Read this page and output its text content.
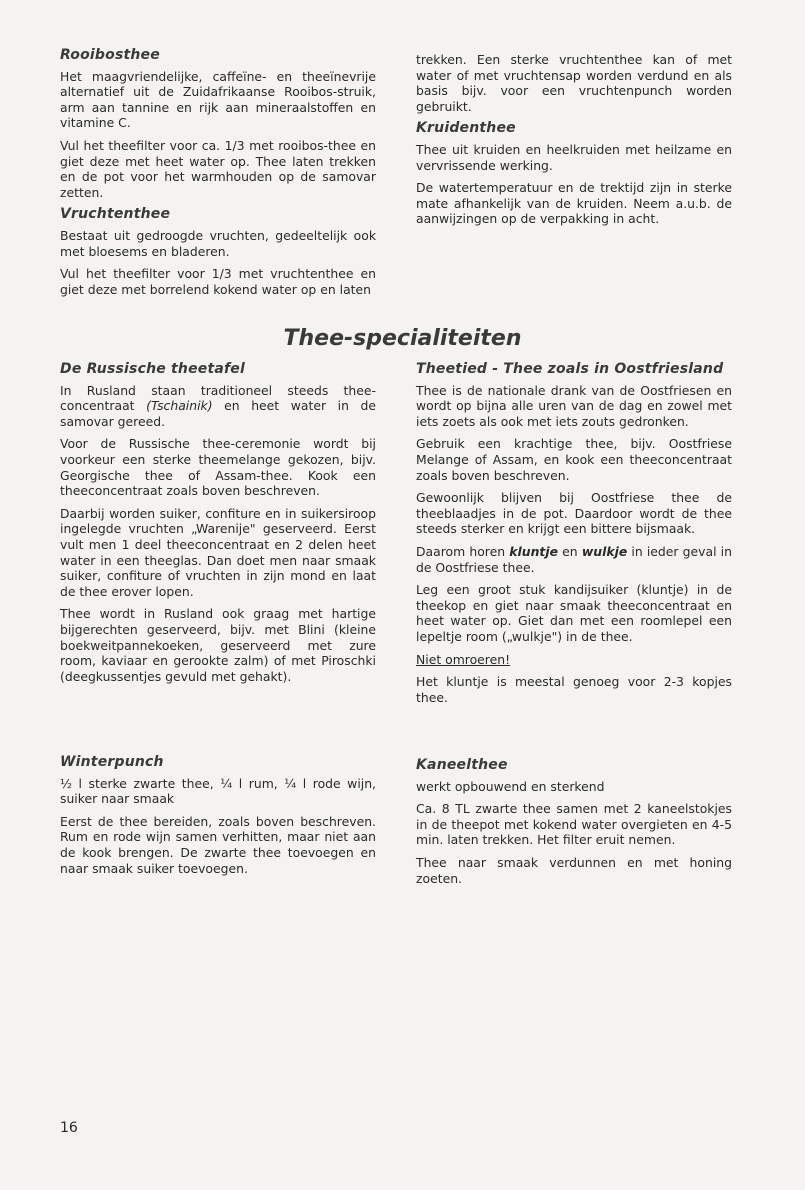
Rooibosthee

Het maagvriendelijke, caffeïne- en theeïnevrije alternatief uit de Zuidafrikaanse Rooibos-struik, arm aan tannine en rijk aan mineraalstoffen en vitamine C.

Vul het theefilter voor ca. 1/3 met rooibos-thee en giet deze met heet water op. Thee laten trekken en de pot voor het warmhouden op de samovar zetten.

Vruchtenthee

Bestaat uit gedroogde vruchten, gedeeltelijk ook met bloesems en bladeren.

Vul het theefilter voor 1/3 met vruchtenthee en giet deze met borrelend kokend water op en laten

trekken. Een sterke vruchtenthee kan of met water of met vruchtensap worden verdund en als basis bijv. voor een vruchtenpunch worden gebruikt.

Kruidenthee

Thee uit kruiden en heelkruiden met heilzame en vervrissende werking.

De watertemperatuur en de trektijd zijn in sterke mate afhankelijk van de kruiden. Neem a.u.b. de aanwijzingen op de verpakking in acht.

Thee-specialiteiten
De Russische theetafel

In Rusland staan traditioneel steeds thee-concentraat (Tschainik) en heet water in de samovar gereed.

Voor de Russische thee-ceremonie wordt bij voorkeur een sterke theemelange gekozen, bijv. Georgische thee of Assam-thee. Kook een theeconcentraat zoals boven beschreven.

Daarbij worden suiker, confiture en in suikersiroop ingelegde vruchten „Warenije" geserveerd. Eerst vult men 1 deel theeconcentraat en 2 delen heet water in een theeglas. Dan doet men naar smaak suiker, confiture of vruchten in zijn mond en laat de thee erover lopen.

Thee wordt in Rusland ook graag met hartige bijgerechten geserveerd, bijv. met Blini (kleine boekweitpannekoeken, geserveerd met zure room, kaviaar en gerookte zalm) of met Piroschki (deegkussentjes gevuld met gehakt).

Theetied - Thee zoals in Oostfriesland

Thee is de nationale drank van de Oostfriesen en wordt op bijna alle uren van de dag en zowel met iets zoets als ook met iets zouts gedronken.

Gebruik een krachtige thee, bijv. Oostfriese Melange of Assam, en kook een theeconcentraat zoals boven beschreven.

Gewoonlijk blijven bij Oostfriese thee de theeblaadjes in de pot. Daardoor wordt de thee steeds sterker en krijgt een bittere bijsmaak.

Daarom horen kluntje en wulkje in ieder geval in de Oostfriese thee.

Leg een groot stuk kandijsuiker (kluntje) in de theekop en giet naar smaak theeconcentraat en heet water op. Giet dan met een roomlepel een lepeltje room („wulkje") in de thee.

Niet omroeren!

Het kluntje is meestal genoeg voor 2-3 kopjes thee.

Winterpunch

½ l sterke zwarte thee, ¼ l rum, ¼ l rode wijn, suiker naar smaak

Eerst de thee bereiden, zoals boven beschreven. Rum en rode wijn samen verhitten, maar niet aan de kook brengen. De zwarte thee toevoegen en naar smaak suiker toevoegen.

Kaneelthee

werkt opbouwend en sterkend

Ca. 8 TL zwarte thee samen met 2 kaneelstokjes in de theepot met kokend water overgieten en 4-5 min. laten trekken. Het filter eruit nemen.

Thee naar smaak verdunnen en met honing zoeten.

16
